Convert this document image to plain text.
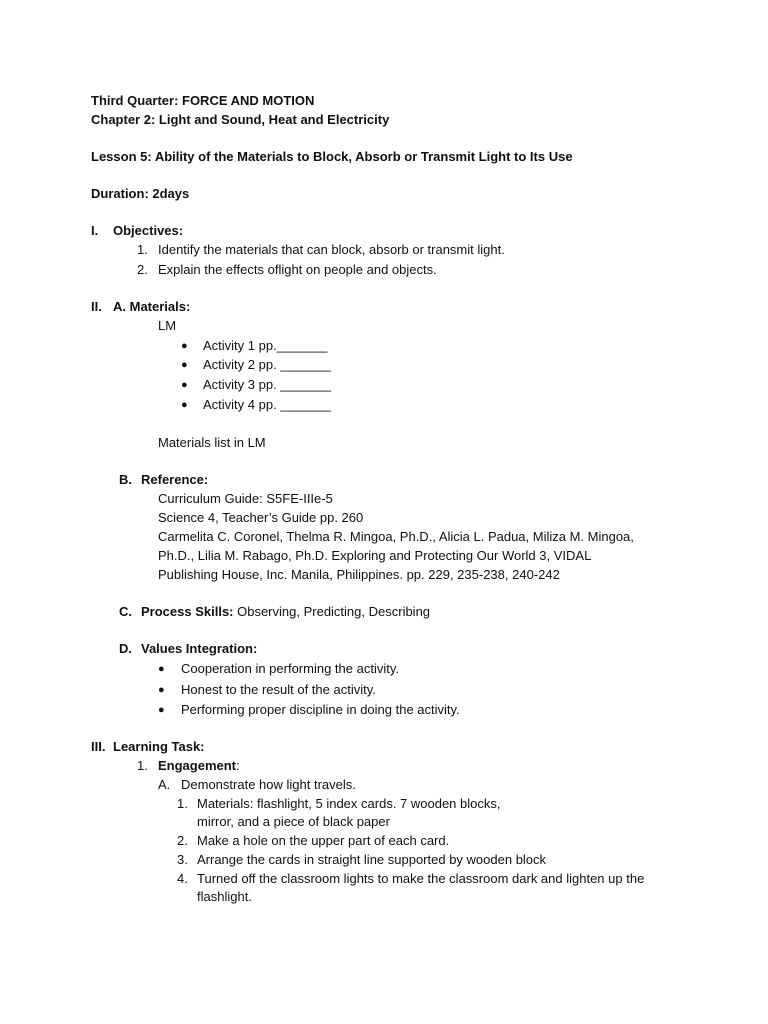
Third Quarter: FORCE AND MOTION
Chapter 2: Light and Sound, Heat and Electricity
Lesson 5: Ability of the Materials to Block, Absorb or Transmit Light to Its Use
Duration: 2days
I. Objectives:
1. Identify the materials that can block, absorb or transmit light.
2. Explain the effects oflight on people and objects.
II. A. Materials:
LM
● Activity 1 pp._______
● Activity 2 pp. _______
● Activity 3 pp. _______
● Activity 4 pp. _______
Materials list in LM
B. Reference:
Curriculum Guide: S5FE-IIIe-5
Science 4, Teacher’s Guide pp. 260
Carmelita C. Coronel, Thelma R. Mingoa, Ph.D., Alicia L. Padua, Miliza M. Mingoa,
Ph.D., Lilia M. Rabago, Ph.D. Exploring and Protecting Our World 3, VIDAL
Publishing House, Inc. Manila, Philippines. pp. 229, 235-238, 240-242
C. Process Skills: Observing, Predicting, Describing
D. Values Integration:
● Cooperation in performing the activity.
● Honest to the result of the activity.
● Performing proper discipline in doing the activity.
III. Learning Task:
1. Engagement:
A. Demonstrate how light travels.
1. Materials: flashlight, 5 index cards. 7 wooden blocks,
mirror, and a piece of black paper
2. Make a hole on the upper part of each card.
3. Arrange the cards in straight line supported by wooden block
4. Turned off the classroom lights to make the classroom dark and lighten up the
flashlight.
